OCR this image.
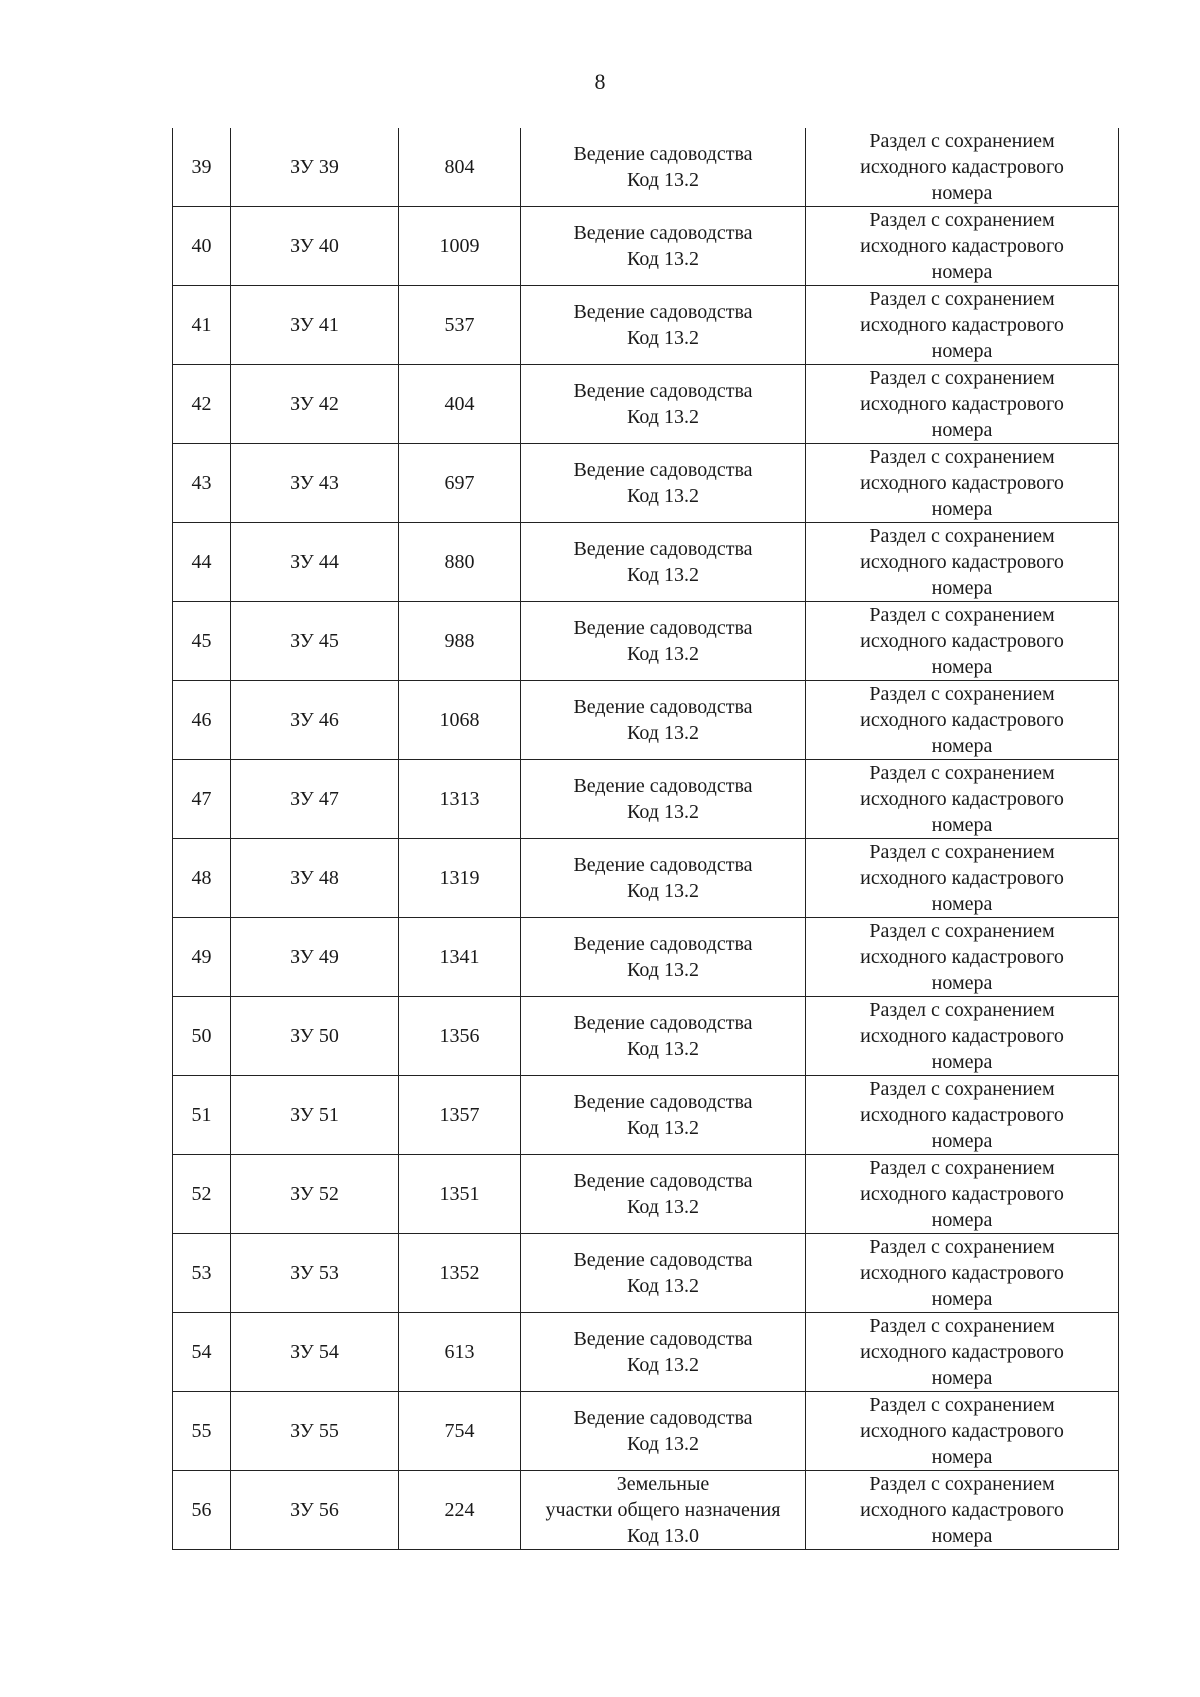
8
39	ЗУ 39	804	Ведение садоводства
Код 13.2	Раздел с сохранением
исходного кадастрового
номера

40	ЗУ 40	1009	Ведение садоводства
Код 13.2	Раздел с сохранением
исходного кадастрового
номера

41	ЗУ 41	537	Ведение садоводства
Код 13.2	Раздел с сохранением
исходного кадастрового
номера

42	ЗУ 42	404	Ведение садоводства
Код 13.2	Раздел с сохранением
исходного кадастрового
номера

43	ЗУ 43	697	Ведение садоводства
Код 13.2	Раздел с сохранением
исходного кадастрового
номера

44	ЗУ 44	880	Ведение садоводства
Код 13.2	Раздел с сохранением
исходного кадастрового
номера

45	ЗУ 45	988	Ведение садоводства
Код 13.2	Раздел с сохранением
исходного кадастрового
номера

46	ЗУ 46	1068	Ведение садоводства
Код 13.2	Раздел с сохранением
исходного кадастрового
номера

47	ЗУ 47	1313	Ведение садоводства
Код 13.2	Раздел с сохранением
исходного кадастрового
номера

48	ЗУ 48	1319	Ведение садоводства
Код 13.2	Раздел с сохранением
исходного кадастрового
номера

49	ЗУ 49	1341	Ведение садоводства
Код 13.2	Раздел с сохранением
исходного кадастрового
номера

50	ЗУ 50	1356	Ведение садоводства
Код 13.2	Раздел с сохранением
исходного кадастрового
номера

51	ЗУ 51	1357	Ведение садоводства
Код 13.2	Раздел с сохранением
исходного кадастрового
номера

52	ЗУ 52	1351	Ведение садоводства
Код 13.2	Раздел с сохранением
исходного кадастрового
номера

53	ЗУ 53	1352	Ведение садоводства
Код 13.2	Раздел с сохранением
исходного кадастрового
номера

54	ЗУ 54	613	Ведение садоводства
Код 13.2	Раздел с сохранением
исходного кадастрового
номера

55	ЗУ 55	754	Ведение садоводства
Код 13.2	Раздел с сохранением
исходного кадастрового
номера

56	ЗУ 56	224	Земельные
участки общего назначения
Код 13.0	Раздел с сохранением
исходного кадастрового
номера
